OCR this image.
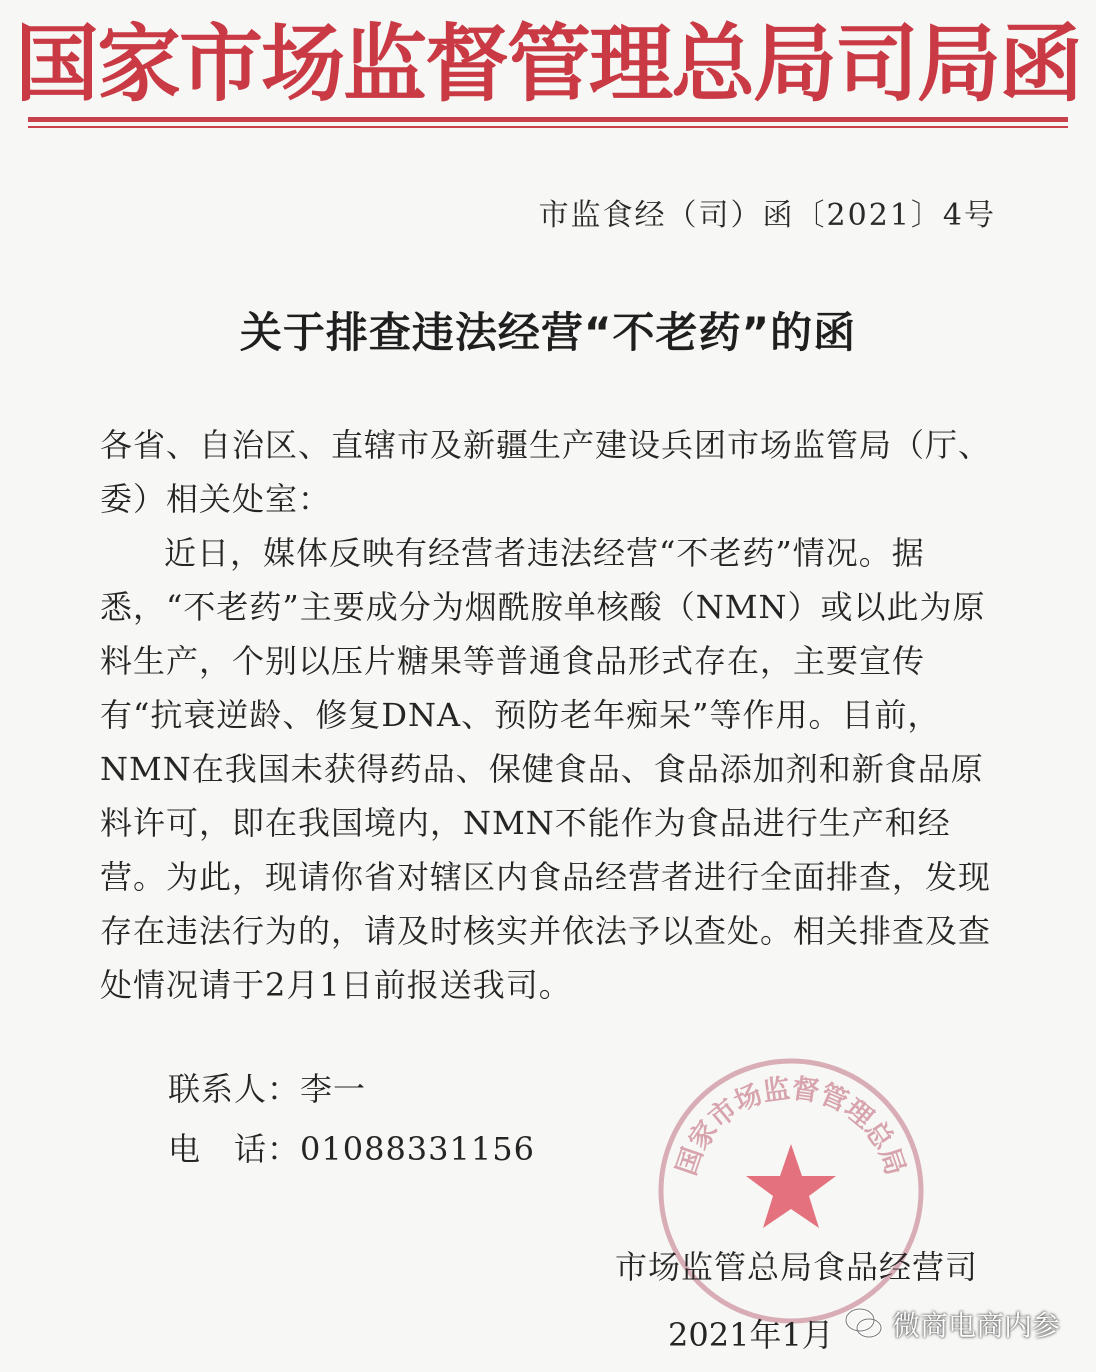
国家市场监督管理总局司局函
市监食经（司）函〔2021〕4号
关于排查违法经营“不老药”的函

各省、自治区、直辖市及新疆生产建设兵团市场监管局（厅、委）相关处室：

近日，媒体反映有经营者违法经营“不老药”情况。据悉，“不老药”主要成分为烟酰胺单核酸（NMN）或以此为原料生产，个别以压片糖果等普通食品形式存在，主要宣传有“抗衰逆龄、修复DNA、预防老年痴呆”等作用。目前，NMN在我国未获得药品、保健食品、食品添加剂和新食品原料许可，即在我国境内，NMN不能作为食品进行生产和经营。为此，现请你省对辖区内食品经营者进行全面排查，发现存在违法行为的，请及时核实并依法予以查处。相关排查及查处情况请于2月1日前报送我司。

联系人：李一
电　话：01088331156	国家市场监督管理总局
市场监管总局食品经营司
2021年1月 微商电商内参
